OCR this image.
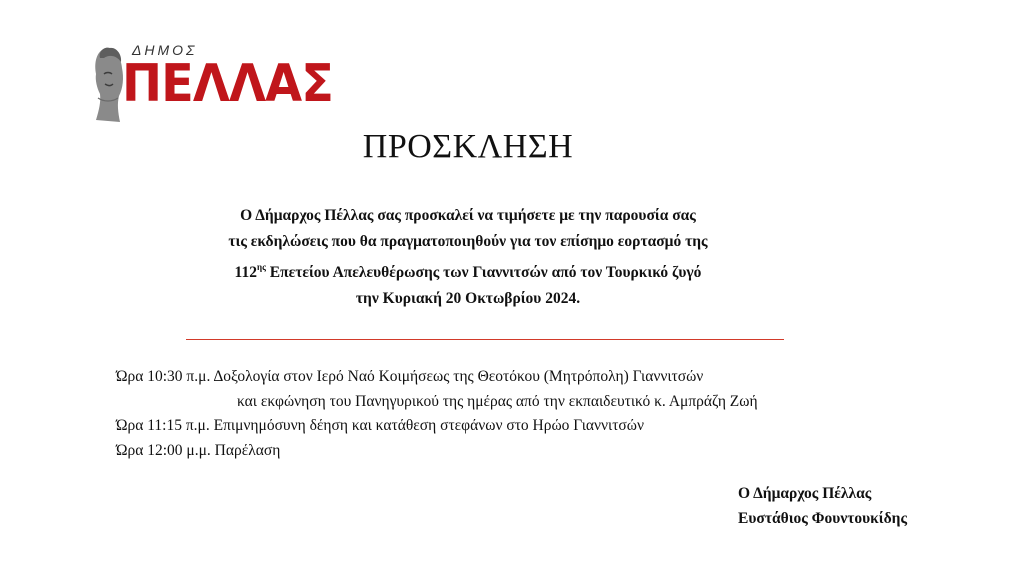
ΔΗΜΟΣ
ΠΕΛΛΑΣ
ΠΡΟΣΚΛΗΣΗ
Ο Δήμαρχος Πέλλας σας προσκαλεί να τιμήσετε με την παρουσία σας
τις εκδηλώσεις που θα πραγματοποιηθούν για τον επίσημο εορτασμό της
$112^{\eta\varsigma}$ Επετείου Απελευθέρωσης των Γιαννιτσών από τον Τουρκικό ζυγό
την Κυριακή 20 Οκτωβρίου 2024.
Ώρα 10:30 π.μ. Δοξολογία στον Ιερό Ναό Κοιμήσεως της Θεοτόκου (Μητρόπολη) Γιαννιτσών
και εκφώνηση του Πανηγυρικού της ημέρας από την εκπαιδευτικό κ. Αμπράζη Ζωή
Ώρα 11:15 π.μ. Επιμνημόσυνη δέηση και κατάθεση στεφάνων στο Ηρώο Γιαννιτσών
Ώρα 12:00 μ.μ. Παρέλαση
Ο Δήμαρχος Πέλλας
Ευστάθιος Φουντουκίδης
